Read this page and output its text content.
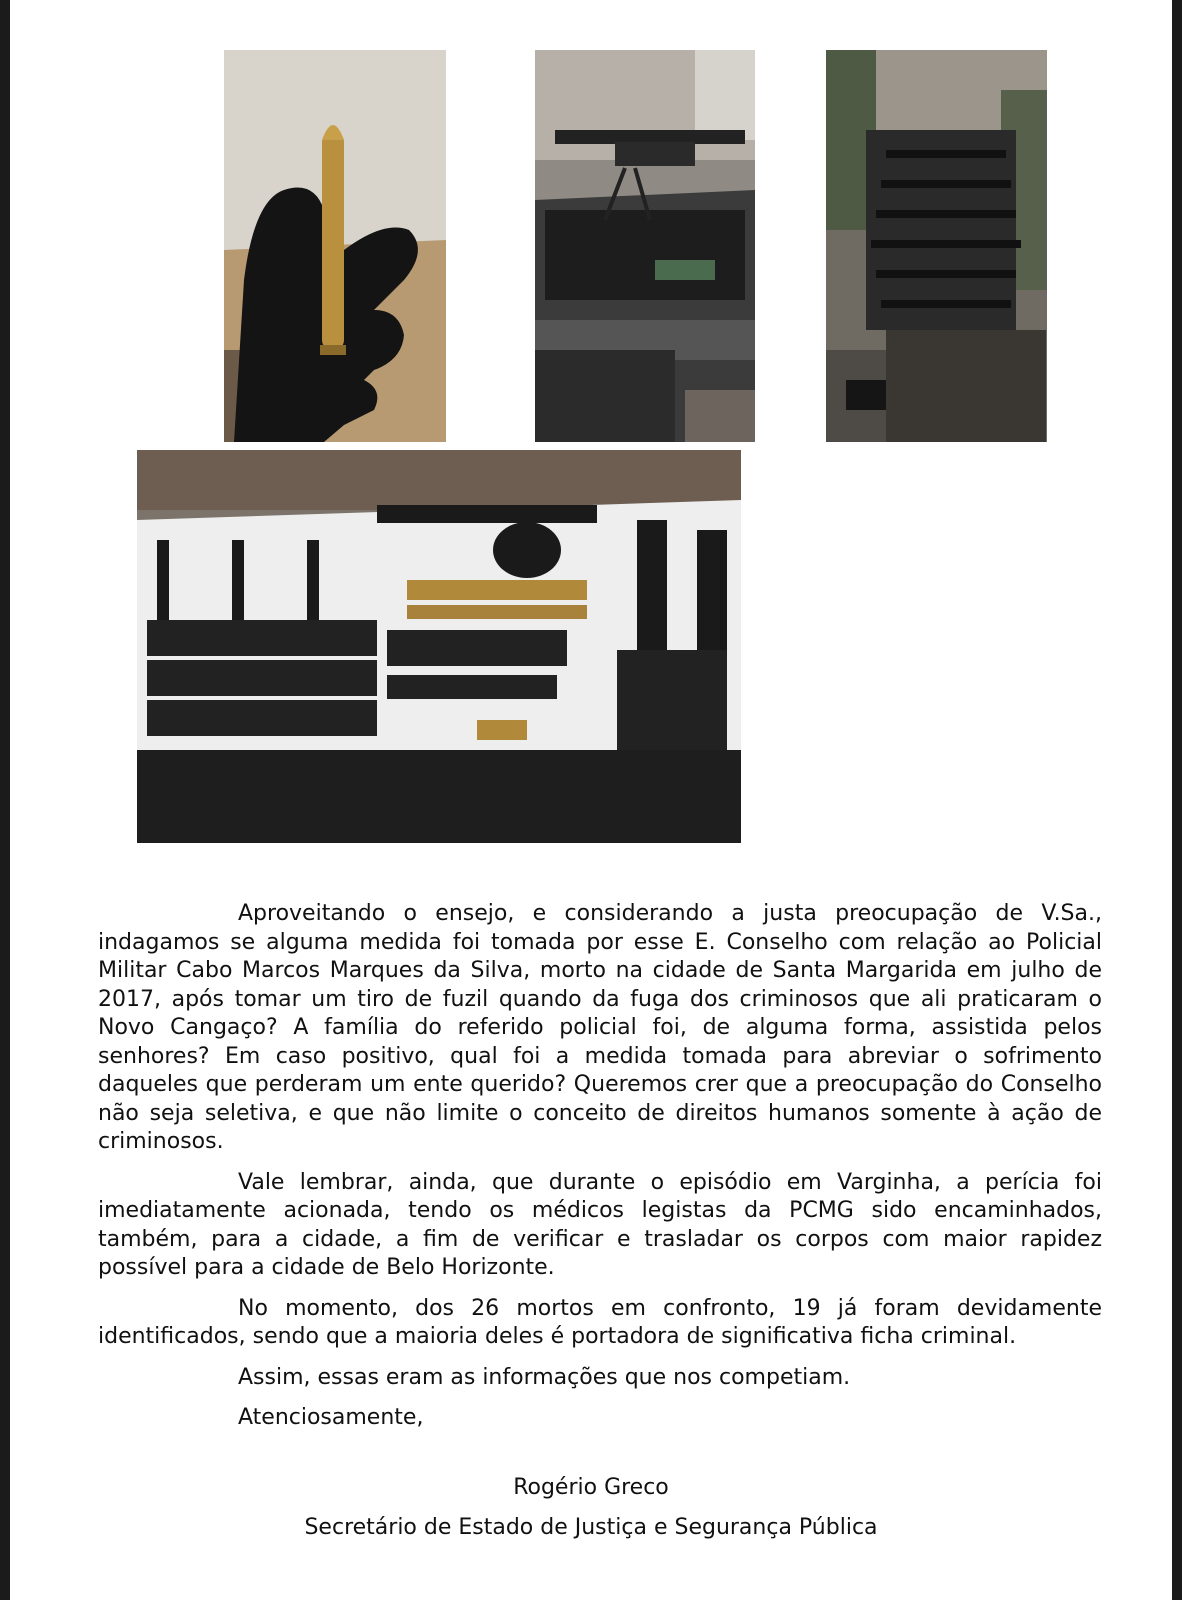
Aproveitando o ensejo, e considerando a justa preocupação de V.Sa., indagamos se alguma medida foi tomada por esse E. Conselho com relação ao Policial Militar Cabo Marcos Marques da Silva, morto na cidade de Santa Margarida em julho de 2017, após tomar um tiro de fuzil quando da fuga dos criminosos que ali praticaram o Novo Cangaço? A família do referido policial foi, de alguma forma, assistida pelos senhores? Em caso positivo, qual foi a medida tomada para abreviar o sofrimento daqueles que perderam um ente querido? Queremos crer que a preocupação do Conselho não seja seletiva, e que não limite o conceito de direitos humanos somente à ação de criminosos.

Vale lembrar, ainda, que durante o episódio em Varginha, a perícia foi imediatamente acionada, tendo os médicos legistas da PCMG sido encaminhados, também, para a cidade, a fim de verificar e trasladar os corpos com maior rapidez possível para a cidade de Belo Horizonte.

No momento, dos 26 mortos em confronto, 19 já foram devidamente identificados, sendo que a maioria deles é portadora de significativa ficha criminal.

Assim, essas eram as informações que nos competiam.

Atenciosamente,

Rogério Greco
Secretário de Estado de Justiça e Segurança Pública
